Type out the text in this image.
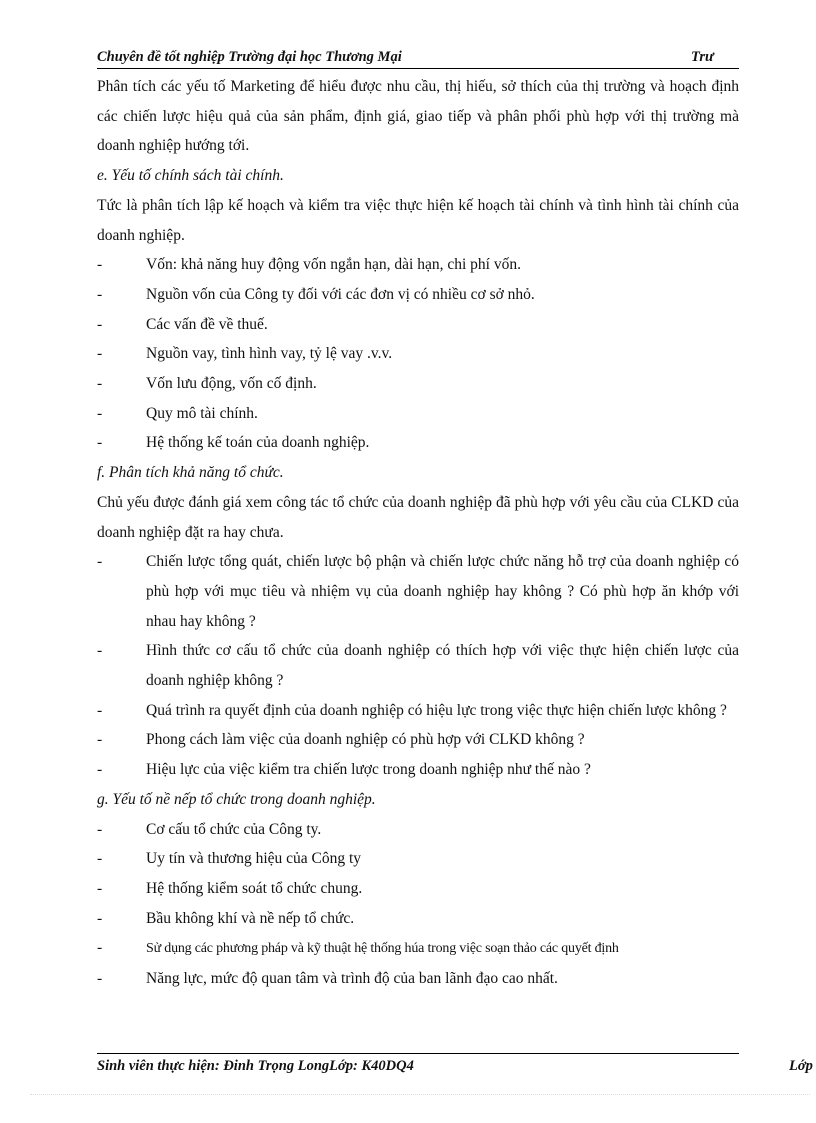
Chuyên đề tốt nghiệp Trường đại học Thương Mại	Trư

Phân tích các yếu tố Marketing để hiểu được nhu cầu, thị hiếu, sở thích của thị trường và hoạch định các chiến lược hiệu quả của sản phẩm, định giá, giao tiếp và phân phối phù hợp với thị trường mà doanh nghiệp hướng tới.

e. Yếu tố chính sách tài chính.

Tức là phân tích lập kế hoạch và kiểm tra việc thực hiện kế hoạch tài chính và tình hình tài chính của doanh nghiệp.

-	Vốn: khả năng huy động vốn ngắn hạn, dài hạn, chi phí vốn.

-	Nguồn vốn của Công ty đối với các đơn vị có nhiều cơ sở nhỏ.

-	Các vấn đề về thuế.

-	Nguồn vay, tình hình vay, tỷ lệ vay .v.v.

-	Vốn lưu động, vốn cố định.

-	Quy mô tài chính.

-	Hệ thống kế toán của doanh nghiệp.

f. Phân tích khả năng tổ chức.

Chủ yếu được đánh giá xem công tác tổ chức của doanh nghiệp đã phù hợp với yêu cầu của CLKD của doanh nghiệp đặt ra hay chưa.

-	Chiến lược tổng quát, chiến lược bộ phận và chiến lược chức năng hỗ trợ của doanh nghiệp có phù hợp với mục tiêu và nhiệm vụ của doanh nghiệp hay không ? Có phù hợp ăn khớp với nhau hay không ?

-	Hình thức cơ cấu tổ chức của doanh nghiệp có thích hợp với việc thực hiện chiến lược của doanh nghiệp không ?

-	Quá trình ra quyết định của doanh nghiệp có hiệu lực trong việc thực hiện chiến lược không ?

-	Phong cách làm việc của doanh nghiệp có phù hợp với CLKD không ?

-	Hiệu lực của việc kiểm tra chiến lược trong doanh nghiệp như thế nào ?

g. Yếu tố nề nếp tổ chức trong doanh nghiệp.

-	Cơ cấu tổ chức của Công ty.

-	Uy tín và thương hiệu của Công ty

-	Hệ thống kiểm soát tổ chức chung.

-	Bầu không khí và nề nếp tổ chức.

-	Sử dụng các phương pháp và kỹ thuật hệ thống húa trong việc soạn thảo các quyết định

-	Năng lực, mức độ quan tâm và trình độ của ban lãnh đạo cao nhất.

Sinh viên thực hiện: Đinh Trọng LongLớp: K40DQ4	Lớp
